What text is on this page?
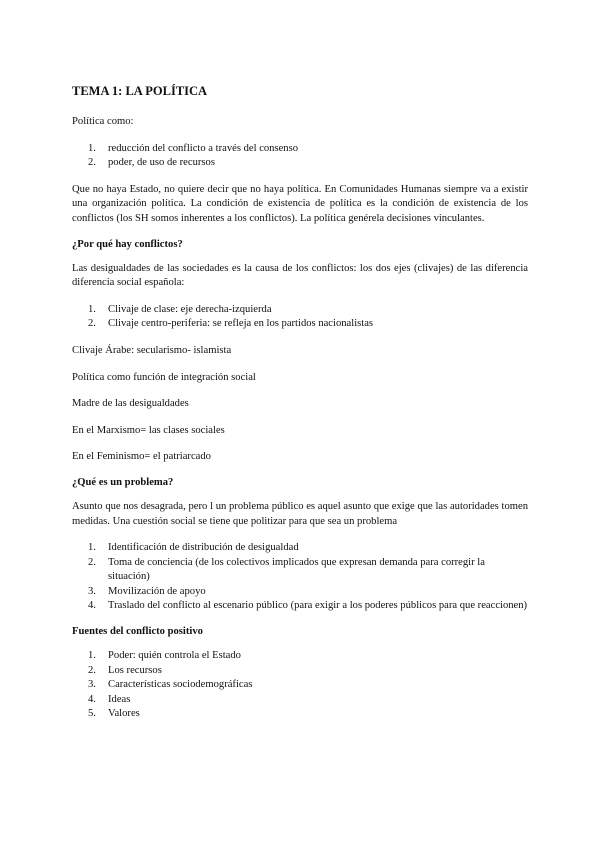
TEMA 1: LA POLÍTICA

Política como:

1. reducción del conflicto a través del consenso
2. poder, de uso de recursos

Que no haya Estado, no quiere decir que no haya política. En Comunidades Humanas siempre va a existir una organización política. La condición de existencia de política es la condición de existencia de los conflictos (los SH somos inherentes a los conflictos). La política genérela decisiones vinculantes.

¿Por qué hay conflictos?

Las desigualdades de las sociedades es la causa de los conflictos: los dos ejes (clivajes) de las diferencia diferencia social española:

1. Clivaje de clase: eje derecha-izquierda
2. Clivaje centro-periferia: se refleja en los partidos nacionalistas

Clivaje Árabe: secularismo- islamista

Política como función de integración social

Madre de las desigualdades

En el Marxismo= las clases sociales

En el Feminismo= el patriarcado

¿Qué es un problema?

Asunto que nos desagrada, pero l un problema público es aquel asunto que exige que las autoridades tomen medidas. Una cuestión social se tiene que politizar para que sea un problema

1. Identificación de distribución de desigualdad
2. Toma de conciencia (de los colectivos implicados que expresan demanda para corregir la situación)
3. Movilización de apoyo
4. Traslado del conflicto al escenario público (para exigir a los poderes públicos para que reaccionen)
Fuentes del conflicto positivo
1. Poder: quién controla el Estado
2. Los recursos
3. Características sociodemográficas
4. Ideas
5. Valores
